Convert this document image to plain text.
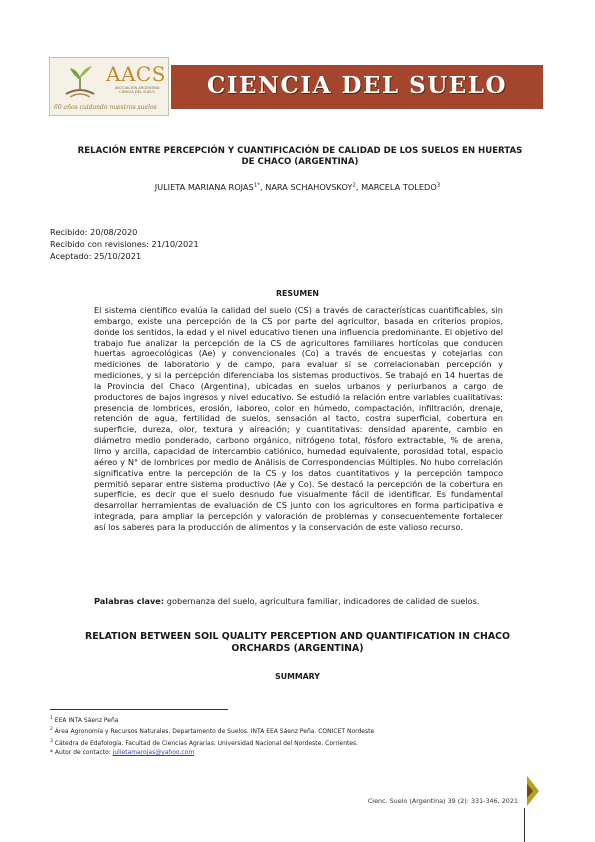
AACS
ASOCIACIÓN ARGENTINA CIENCIA DEL SUELO
60 años cuidando nuestros suelos
CIENCIA DEL SUELO
RELACIÓN ENTRE PERCEPCIÓN Y CUANTIFICACIÓN DE CALIDAD DE LOS SUELOS EN HUERTAS DE CHACO (ARGENTINA)
JULIETA MARIANA $ROJAS^{1*}$, NARA SCHAHOVSKOY$^2$, MARCELA TOLEDO$^3$
Recibido: 20/08/2020
Recibido con revisiones: 21/10/2021
Aceptado: 25/10/2021
RESUMEN
El sistema científico evalúa la calidad del suelo (CS) a través de características cuantificables, sin embargo, existe una percepción de la CS por parte del agricultor, basada en criterios propios, donde los sentidos, la edad y el nivel educativo tienen una influencia predominante. El objetivo del trabajo fue analizar la percepción de la CS de agricultores familiares hortícolas que conducen huertas agroecológicas (Ae) y convencionales (Co) a través de encuestas y cotejarlas con mediciones de laboratorio y de campo, para evaluar si se correlacionaban percepción y mediciones, y si la percepción diferenciaba los sistemas productivos. Se trabajó en 14 huertas de la Provincia del Chaco (Argentina), ubicadas en suelos urbanos y periurbanos a cargo de productores de bajos ingresos y nivel educativo. Se estudió la relación entre variables cualitativas: presencia de lombrices, erosión, laboreo, color en húmedo, compactación, infiltración, drenaje, retención de agua, fertilidad de suelos, sensación al tacto, costra superficial, cobertura en superficie, dureza, olor, textura y aireación; y cuantitativas: densidad aparente, cambio en diámetro medio ponderado, carbono orgánico, nitrógeno total, fósforo extractable, % de arena, limo y arcilla, capacidad de intercambio catiónico, humedad equivalente, porosidad total, espacio aéreo y N° de lombrices por medio de Análisis de Correspondencias Múltiples. No hubo correlación significativa entre la percepción de la CS y los datos cuantitativos y la percepción tampoco permitió separar entre sistema productivo (Ae y Co). Se destacó la percepción de la cobertura en superficie, es decir que el suelo desnudo fue visualmente fácil de identificar. Es fundamental desarrollar herramientas de evaluación de CS junto con los agricultores en forma participativa e integrada, para ampliar la percepción y valoración de problemas y consecuentemente fortalecer así los saberes para la producción de alimentos y la conservación de este valioso recurso.
Palabras clave: gobernanza del suelo, agricultura familiar, indicadores de calidad de suelos.
RELATION BETWEEN SOIL QUALITY PERCEPTION AND QUANTIFICATION IN CHACO ORCHARDS (ARGENTINA)
SUMMARY
$^1$ EEA INTA Sáenz Peña
$^2$ Área Agronomía y Recursos Naturales. Departamento de Suelos. INTA EEA Sáenz Peña. CONICET Nordeste
$^3$ Cátedra de Edafología. Facultad de Ciencias Agrarias. Universidad Nacional del Nordeste. Corrientes.
* Autor de contacto: julietamarojas@yahoo.com
Cienc. Suelo (Argentina) 39 (2): 331-346, 2021
